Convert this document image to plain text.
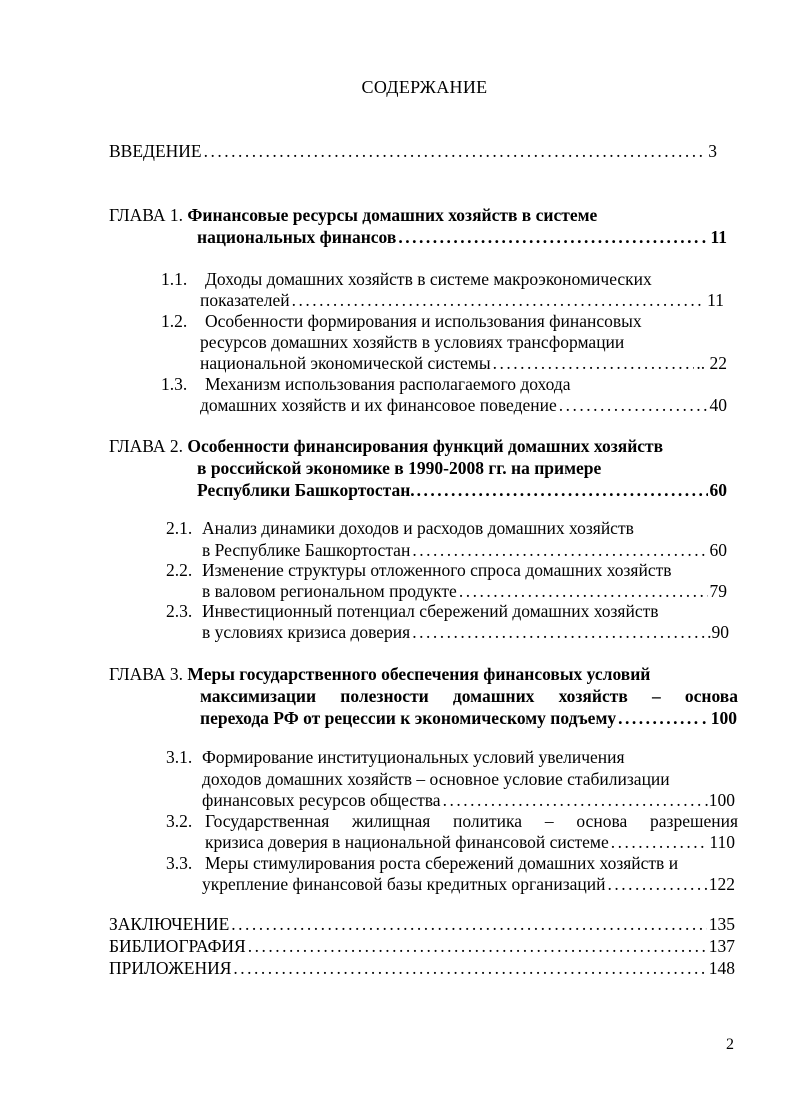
СОДЕРЖАНИЕ
ВВЕДЕНИЕ .....	3
ГЛАВА 1. Финансовые ресурсы домашних хозяйств в системе
национальных финансов .....	. 11
1.1. Доходы домашних хозяйств в системе макроэкономических
показателей .....	11
1.2. Особенности формирования и использования финансовых
ресурсов домашних хозяйств в условиях трансформации
национальной экономической системы .....	.. 22
1.3. Механизм использования располагаемого дохода
домашних хозяйств и их финансовое поведение .....	40
ГЛАВА 2. Особенности финансирования функций домашних хозяйств
в российской экономике в 1990-2008 гг. на примере
Республики Башкортостан. .....	60
2.1. Анализ динамики доходов и расходов домашних хозяйств
в Республике Башкортостан .....	60
2.2. Изменение структуры отложенного спроса домашних хозяйств
в валовом региональном продукте .....	79
2.3. Инвестиционный потенциал сбережений домашних хозяйств
в условиях кризиса доверия .....	.90
ГЛАВА 3. Меры государственного обеспечения финансовых условий
максимизации полезности домашних хозяйств – основа
перехода РФ от рецессии к экономическому подъему .....	. 100
3.1. Формирование институциональных условий увеличения
доходов домашних хозяйств – основное условие стабилизации
финансовых ресурсов общества .....	.100
3.2. Государственная жилищная политика – основа разрешения
кризиса доверия в национальной финансовой системе .....	110
3.3. Меры стимулирования роста сбережений домашних хозяйств и
укрепление финансовой базы кредитных организаций .....	122
ЗАКЛЮЧЕНИЕ .....	135
БИБЛИОГРАФИЯ .....	137
ПРИЛОЖЕНИЯ .....	148
2
